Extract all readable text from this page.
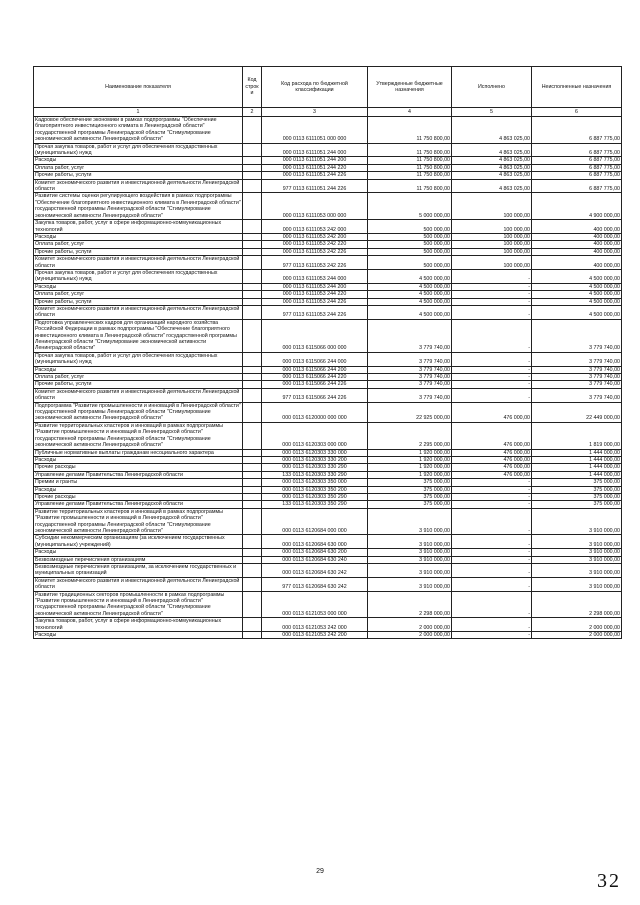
Наименование показателя	Код строк и	Код расхода по бюджетной классификации	Утвержденные бюджетные назначения	Исполнено	Неисполненные назначения
1	2	3	4	5	6
Кадровое обеспечение экономики в рамках подпрограммы "Обеспечение благоприятного инвестиционного климата в Ленинградской области" государственной программы Ленинградской области "Стимулирование экономической активности Ленинградской области"		000 0113 6111051 000 000	11 750 800,00	4 863 025,00	6 887 775,00
Прочая закупка товаров, работ и услуг для обеспечения государственных (муниципальных) нужд		000 0113 6111051 244 000	11 750 800,00	4 863 025,00	6 887 775,00
Расходы		000 0113 6111051 244 200	11 750 800,00	4 863 025,00	6 887 775,00
Оплата работ, услуг		000 0113 6111051 244 220	11 750 800,00	4 863 025,00	6 887 775,00
Прочие работы, услуги		000 0113 6111051 244 226	11 750 800,00	4 863 025,00	6 887 775,00
Комитет экономического развития и инвестиционной деятельности Ленинградской области		977 0113 6111051 244 226	11 750 800,00	4 863 025,00	6 887 775,00
Развитие системы оценки регулирующего воздействия в рамках подпрограммы "Обеспечение благоприятного инвестиционного климата в Ленинградской области" государственной программы Ленинградской области "Стимулирование экономической активности Ленинградской области"		000 0113 6111053 000 000	5 000 000,00	100 000,00	4 900 000,00
Закупка товаров, работ, услуг в сфере информационно-коммуникационных технологий		000 0113 6111053 242 000	500 000,00	100 000,00	400 000,00
Расходы		000 0113 6111053 242 200	500 000,00	100 000,00	400 000,00
Оплата работ, услуг		000 0113 6111053 242 220	500 000,00	100 000,00	400 000,00
Прочие работы, услуги		000 0113 6111053 242 226	500 000,00	100 000,00	400 000,00
Комитет экономического развития и инвестиционной деятельности Ленинградской области		977 0113 6111053 242 226	500 000,00	100 000,00	400 000,00
Прочая закупка товаров, работ и услуг для обеспечения государственных (муниципальных) нужд		000 0113 6111053 244 000	4 500 000,00	-	4 500 000,00
Расходы		000 0113 6111053 244 200	4 500 000,00	-	4 500 000,00
Оплата работ, услуг		000 0113 6111053 244 220	4 500 000,00	-	4 500 000,00
Прочие работы, услуги		000 0113 6111053 244 226	4 500 000,00	-	4 500 000,00
Комитет экономического развития и инвестиционной деятельности Ленинградской области		977 0113 6111053 244 226	4 500 000,00	-	4 500 000,00
Подготовка управленческих кадров для организаций народного хозяйства Российской Федерации в рамках подпрограммы "Обеспечение благоприятного инвестиционного климата в Ленинградской области" государственной программы Ленинградской области "Стимулирование экономической активности Ленинградской области"		000 0113 6115066 000 000	3 779 740,00	-	3 779 740,00
Прочая закупка товаров, работ и услуг для обеспечения государственных (муниципальных) нужд		000 0113 6115066 244 000	3 779 740,00	-	3 779 740,00
Расходы		000 0113 6115066 244 200	3 779 740,00	-	3 779 740,00
Оплата работ, услуг		000 0113 6115066 244 220	3 779 740,00	-	3 779 740,00
Прочие работы, услуги		000 0113 6115066 244 226	3 779 740,00	-	3 779 740,00
Комитет экономического развития и инвестиционной деятельности Ленинградской области		977 0113 6115066 244 226	3 779 740,00	-	3 779 740,00
Подпрограмма "Развитие промышленности и инноваций в Ленинградской области" государственной программы Ленинградской области "Стимулирование экономической активности Ленинградской области"		000 0113 6120000 000 000	22 925 000,00	476 000,00	22 449 000,00
Развитие территориальных кластеров и инноваций в рамках подпрограммы "Развитие промышленности и инноваций в Ленинградской области" государственной программы Ленинградской области "Стимулирование экономической активности Ленинградской области"		000 0113 6120303 000 000	2 295 000,00	476 000,00	1 819 000,00
Публичные нормативные выплаты гражданам несоциального характера		000 0113 6120303 330 000	1 920 000,00	476 000,00	1 444 000,00
Расходы		000 0113 6120303 330 200	1 920 000,00	476 000,00	1 444 000,00
Прочие расходы		000 0113 6120303 330 290	1 920 000,00	476 000,00	1 444 000,00
Управление делами Правительства Ленинградской области		133 0113 6120303 330 290	1 920 000,00	476 000,00	1 444 000,00
Премии и гранты		000 0113 6120303 350 000	375 000,00	-	375 000,00
Расходы		000 0113 6120303 350 200	375 000,00	-	375 000,00
Прочие расходы		000 0113 6120303 350 290	375 000,00	-	375 000,00
Управление делами Правительства Ленинградской области		133 0113 6120303 350 290	375 000,00	-	375 000,00
Развитие территориальных кластеров и инноваций в рамках подпрограммы "Развитие промышленности и инноваций в Ленинградской области" государственной программы Ленинградской области "Стимулирование экономической активности Ленинградской области"		000 0113 6120684 000 000	3 910 000,00	-	3 910 000,00
Субсидии некоммерческим организациям (за исключением государственных (муниципальных) учреждений)		000 0113 6120684 630 000	3 910 000,00	-	3 910 000,00
Расходы		000 0113 6120684 630 200	3 910 000,00	-	3 910 000,00
Безвозмездные перечисления организациям		000 0113 6120684 630 240	3 910 000,00	-	3 910 000,00
Безвозмездные перечисления организациям, за исключением государственных и муниципальных организаций		000 0113 6120684 630 242	3 910 000,00	-	3 910 000,00
Комитет экономического развития и инвестиционной деятельности Ленинградской области		977 0113 6120684 630 242	3 910 000,00	-	3 910 000,00
Развитие традиционных секторов промышленности в рамках подпрограммы "Развитие промышленности и инноваций в Ленинградской области" государственной программы Ленинградской области "Стимулирование экономической активности Ленинградской области"		000 0113 6121053 000 000	2 298 000,00	-	2 298 000,00
Закупка товаров, работ, услуг в сфере информационно-коммуникационных технологий		000 0113 6121053 242 000	2 000 000,00	-	2 000 000,00
Расходы		000 0113 6121053 242 200	2 000 000,00	-	2 000 000,00
29	32
